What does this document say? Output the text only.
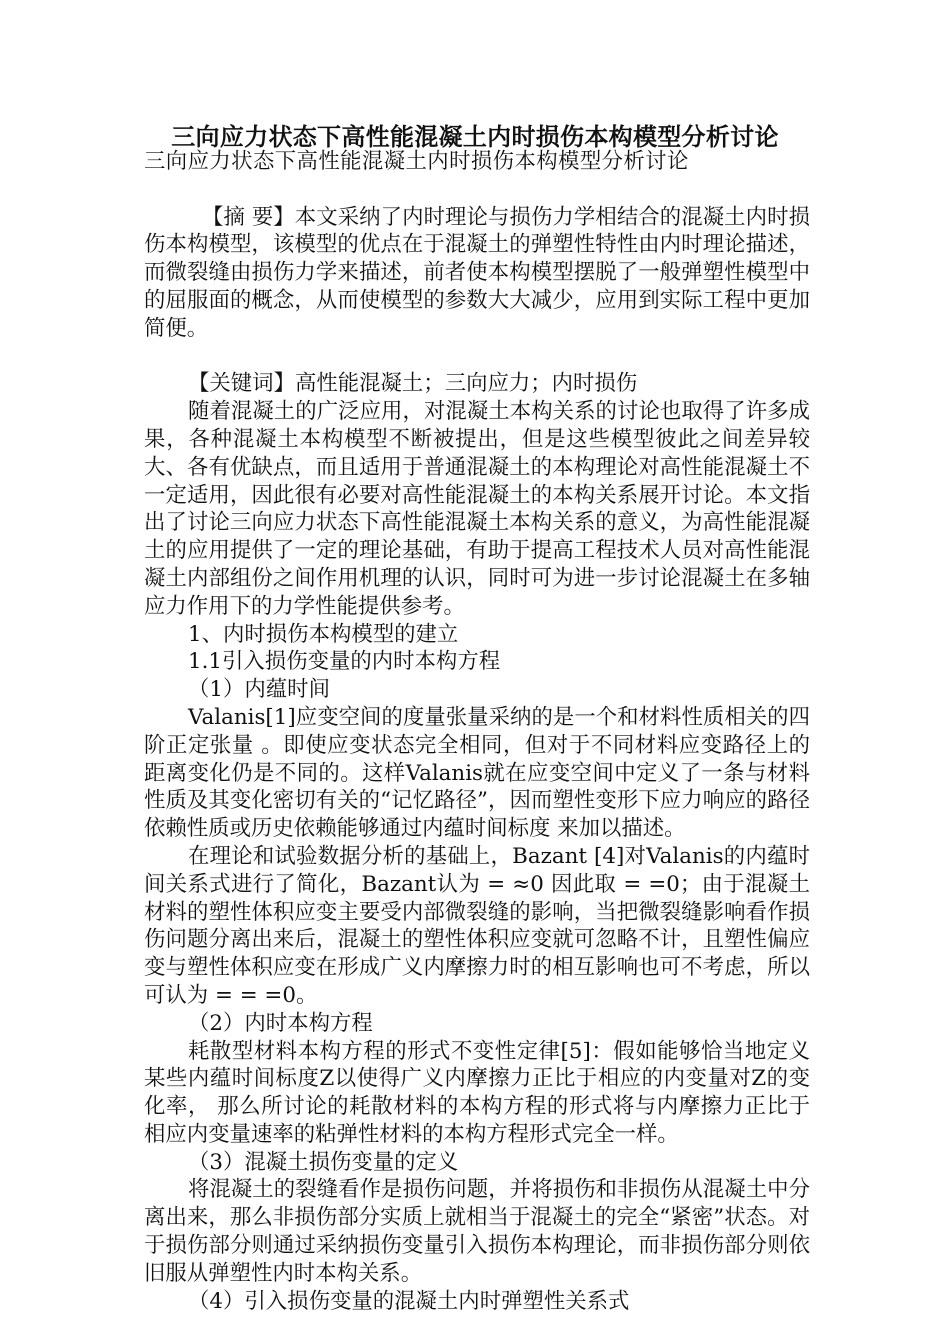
三向应力状态下高性能混凝土内时损伤本构模型分析讨论

三向应力状态下高性能混凝土内时损伤本构模型分析讨论

【摘 要】本文采纳了内时理论与损伤力学相结合的混凝土内时损伤本构模型，该模型的优点在于混凝土的弹塑性特性由内时理论描述，而微裂缝由损伤力学来描述，前者使本构模型摆脱了一般弹塑性模型中的屈服面的概念，从而使模型的参数大大减少，应用到实际工程中更加简便。

【关键词】高性能混凝土；三向应力；内时损伤

随着混凝土的广泛应用，对混凝土本构关系的讨论也取得了许多成果，各种混凝土本构模型不断被提出，但是这些模型彼此之间差异较大、各有优缺点，而且适用于普通混凝土的本构理论对高性能混凝土不一定适用，因此很有必要对高性能混凝土的本构关系展开讨论。本文指出了讨论三向应力状态下高性能混凝土本构关系的意义，为高性能混凝土的应用提供了一定的理论基础，有助于提高工程技术人员对高性能混凝土内部组份之间作用机理的认识，同时可为进一步讨论混凝土在多轴应力作用下的力学性能提供参考。

1、内时损伤本构模型的建立

1.1引入损伤变量的内时本构方程

（1）内蕴时间

Valanis[1]应变空间的度量张量采纳的是一个和材料性质相关的四阶正定张量 。即使应变状态完全相同，但对于不同材料应变路径上的距离变化仍是不同的。这样Valanis就在应变空间中定义了一条与材料性质及其变化密切有关的“记忆路径”，因而塑性变形下应力响应的路径依赖性质或历史依赖能够通过内蕴时间标度 来加以描述。

在理论和试验数据分析的基础上，Bazant [4]对Valanis的内蕴时间关系式进行了简化，Bazant认为 = ≈0 因此取 = =0；由于混凝土材料的塑性体积应变主要受内部微裂缝的影响，当把微裂缝影响看作损伤问题分离出来后，混凝土的塑性体积应变就可忽略不计，且塑性偏应变与塑性体积应变在形成广义内摩擦力时的相互影响也可不考虑，所以可认为 = = =0。

（2）内时本构方程

耗散型材料本构方程的形式不变性定律[5]：假如能够恰当地定义某些内蕴时间标度Z以使得广义内摩擦力正比于相应的内变量对Z的变化率， 那么所讨论的耗散材料的本构方程的形式将与内摩擦力正比于相应内变量速率的粘弹性材料的本构方程形式完全一样。

（3）混凝土损伤变量的定义

将混凝土的裂缝看作是损伤问题，并将损伤和非损伤从混凝土中分离出来，那么非损伤部分实质上就相当于混凝土的完全“紧密”状态。对于损伤部分则通过采纳损伤变量引入损伤本构理论，而非损伤部分则依旧服从弹塑性内时本构关系。

（4）引入损伤变量的混凝土内时弹塑性关系式
